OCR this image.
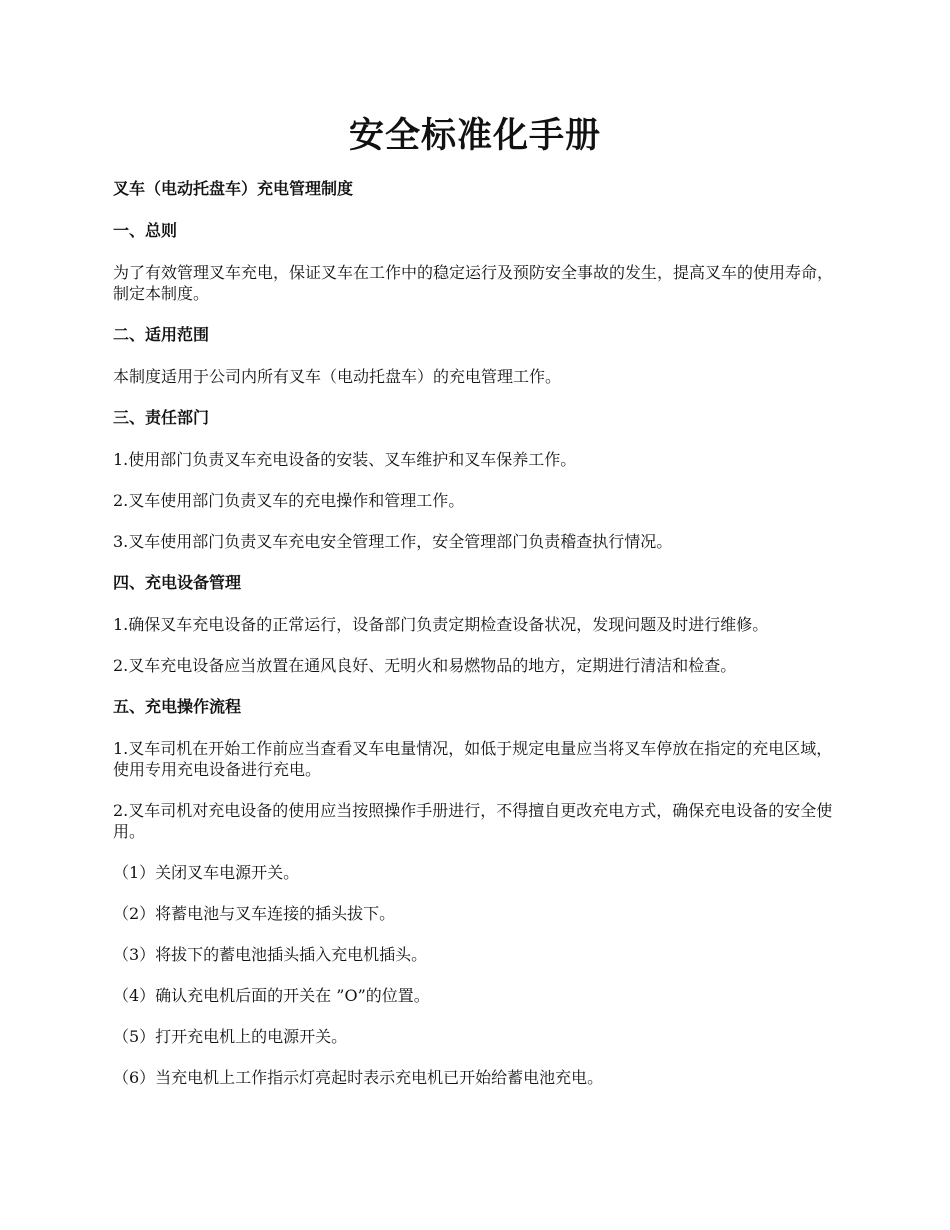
安全标准化手册
叉车（电动托盘车）充电管理制度
一、总则
为了有效管理叉车充电，保证叉车在工作中的稳定运行及预防安全事故的发生，提高叉车的使用寿命，制定本制度。
二、适用范围
本制度适用于公司内所有叉车（电动托盘车）的充电管理工作。
三、责任部门
1.使用部门负责叉车充电设备的安装、叉车维护和叉车保养工作。
2.叉车使用部门负责叉车的充电操作和管理工作。
3.叉车使用部门负责叉车充电安全管理工作，安全管理部门负责稽查执行情况。
四、充电设备管理
1.确保叉车充电设备的正常运行，设备部门负责定期检查设备状况，发现问题及时进行维修。
2.叉车充电设备应当放置在通风良好、无明火和易燃物品的地方，定期进行清洁和检查。
五、充电操作流程
1.叉车司机在开始工作前应当查看叉车电量情况，如低于规定电量应当将叉车停放在指定的充电区域，使用专用充电设备进行充电。
2.叉车司机对充电设备的使用应当按照操作手册进行，不得擅自更改充电方式，确保充电设备的安全使用。
（1）关闭叉车电源开关。
（2）将蓄电池与叉车连接的插头拔下。
（3）将拔下的蓄电池插头插入充电机插头。
（4）确认充电机后面的开关在 ”O”的位置。
（5）打开充电机上的电源开关。
（6）当充电机上工作指示灯亮起时表示充电机已开始给蓄电池充电。
